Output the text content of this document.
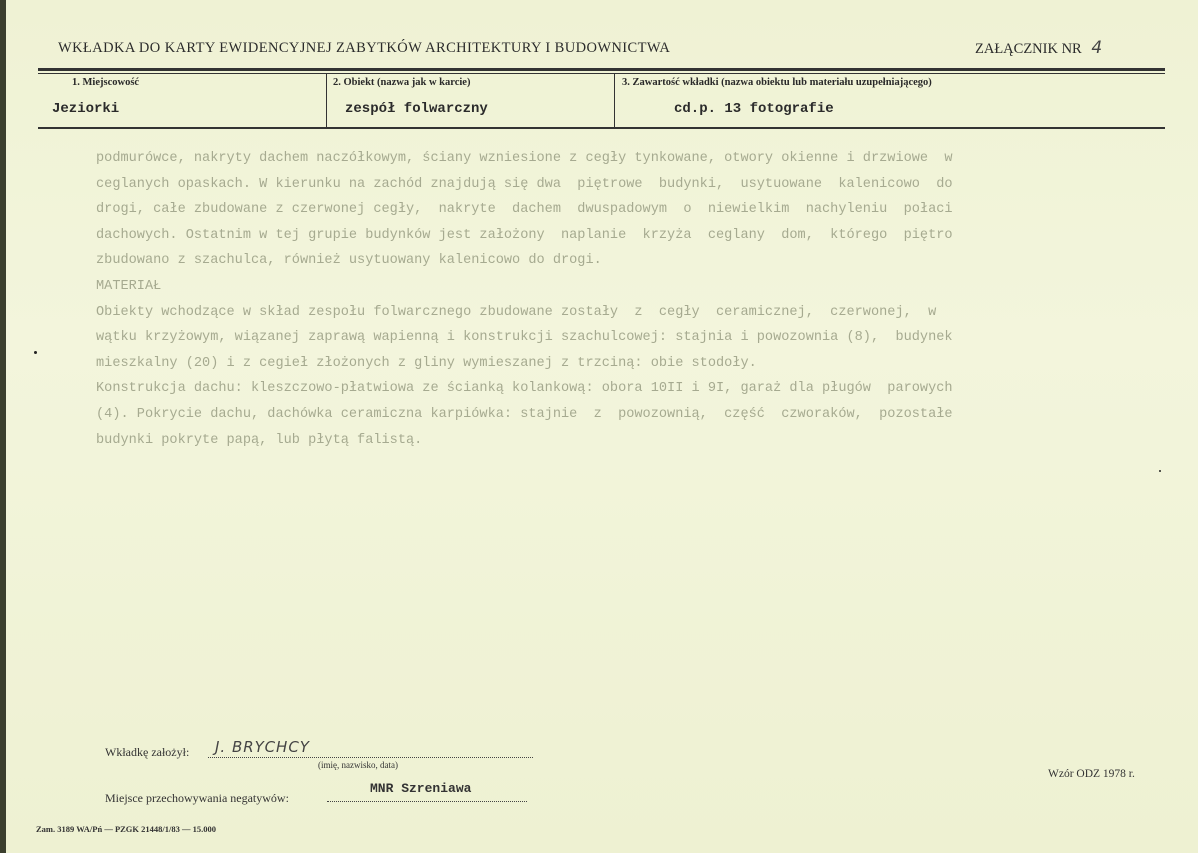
WKŁADKA DO KARTY EWIDENCYJNEJ ZABYTKÓW ARCHITEKTURY I BUDOWNICTWA	ZAŁĄCZNIK NR 4
1. Miejscowość
Jeziorki
2. Obiekt (nazwa jak w karcie)
zespół folwarczny
3. Zawartość wkładki (nazwa obiektu lub materiału uzupełniającego)
cd.p. 13 fotografie

podmurówce, nakryty dachem naczółkowym, ściany wzniesione z cegły tynkowane, otwory okienne i drzwiowe  w

ceglanych opaskach. W kierunku na zachód znajdują się dwa  piętrowe  budynki,  usytuowane  kalenicowo  do

drogi, całe zbudowane z czerwonej cegły,  nakryte  dachem  dwuspadowym  o  niewielkim  nachyleniu  połaci

dachowych. Ostatnim w tej grupie budynków jest założony  naplanie  krzyża  ceglany  dom,  którego  piętro

zbudowano z szachulca, również usytuowany kalenicowo do drogi.

MATERIAŁ

Obiekty wchodzące w skład zespołu folwarcznego zbudowane zostały  z  cegły  ceramicznej,  czerwonej,  w

wątku krzyżowym, wiązanej zaprawą wapienną i konstrukcji szachulcowej: stajnia i powozownia (8),  budynek

mieszkalny (20) i z cegieł złożonych z gliny wymieszanej z trzciną: obie stodoły.

Konstrukcja dachu: kleszczowo-płatwiowa ze ścianką kolankową: obora 10II i 9I, garaż dla pługów  parowych

(4). Pokrycie dachu, dachówka ceramiczna karpiówka: stajnie  z  powozownią,  część  czworaków,  pozostałe

budynki pokryte papą, lub płytą falistą.

Wkładkę założył: J. BRYCHCY
(imię, nazwisko, data)
Miejsce przechowywania negatywów:
MNR Szreniawa
Wzór ODZ 1978 r.
Zam. 3189 WA/Pń — PZGK 21448/1/83 — 15.000
